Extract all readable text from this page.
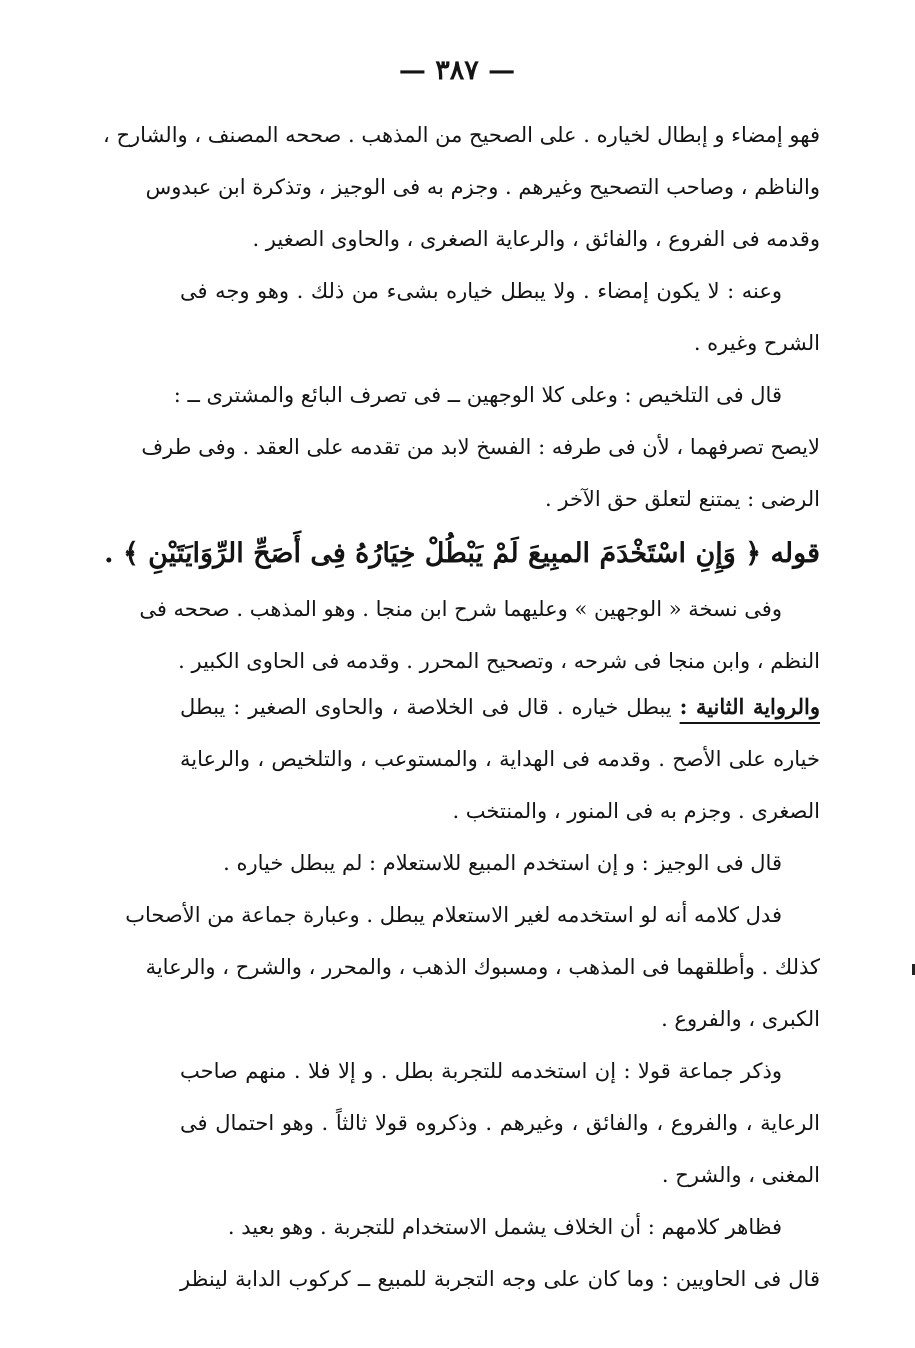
— ٣٨٧ —
فهو إمضاء و إبطال لخياره . على الصحيح من المذهب . صححه المصنف ، والشارح ،
والناظم ، وصاحب التصحيح وغيرهم . وجزم به فى الوجيز ، وتذكرة ابن عبدوس
وقدمه فى الفروع ، والفائق ، والرعاية الصغرى ، والحاوى الصغير .
وعنه : لا يكون إمضاء . ولا يبطل خياره بشىء من ذلك . وهو وجه فى
الشرح وغيره .
قال فى التلخيص : وعلى كلا الوجهين ــ فى تصرف البائع والمشترى ــ :
لايصح تصرفهما ، لأن فى طرفه : الفسخ لابد من تقدمه على العقد . وفى طرف
الرضى : يمتنع لتعلق حق الآخر .
قوله ﴿ وَإِنِ اسْتَخْدَمَ المبِيعَ لَمْ يَبْطُلْ خِيَارُهُ فِى أَصَحِّ الرِّوَايَتَيْنِ ﴾ .
وفى نسخة « الوجهين » وعليهما شرح ابن منجا . وهو المذهب . صححه فى
النظم ، وابن منجا فى شرحه ، وتصحيح المحرر . وقدمه فى الحاوى الكبير .
والرواية الثانية : يبطل خياره . قال فى الخلاصة ، والحاوى الصغير : يبطل
خياره على الأصح . وقدمه فى الهداية ، والمستوعب ، والتلخيص ، والرعاية
الصغرى . وجزم به فى المنور ، والمنتخب .
قال فى الوجيز : و إن استخدم المبيع للاستعلام : لم يبطل خياره .
فدل كلامه أنه لو استخدمه لغير الاستعلام يبطل . وعبارة جماعة من الأصحاب
كذلك . وأطلقهما فى المذهب ، ومسبوك الذهب ، والمحرر ، والشرح ، والرعاية
الكبرى ، والفروع .
وذكر جماعة قولا : إن استخدمه للتجربة بطل . و إلا فلا . منهم صاحب
الرعاية ، والفروع ، والفائق ، وغيرهم . وذكروه قولا ثالثاً . وهو احتمال فى
المغنى ، والشرح .
فظاهر كلامهم : أن الخلاف يشمل الاستخدام للتجربة . وهو بعيد .
قال فى الحاويين : وما كان على وجه التجربة للمبيع ــ كركوب الدابة لينظر
